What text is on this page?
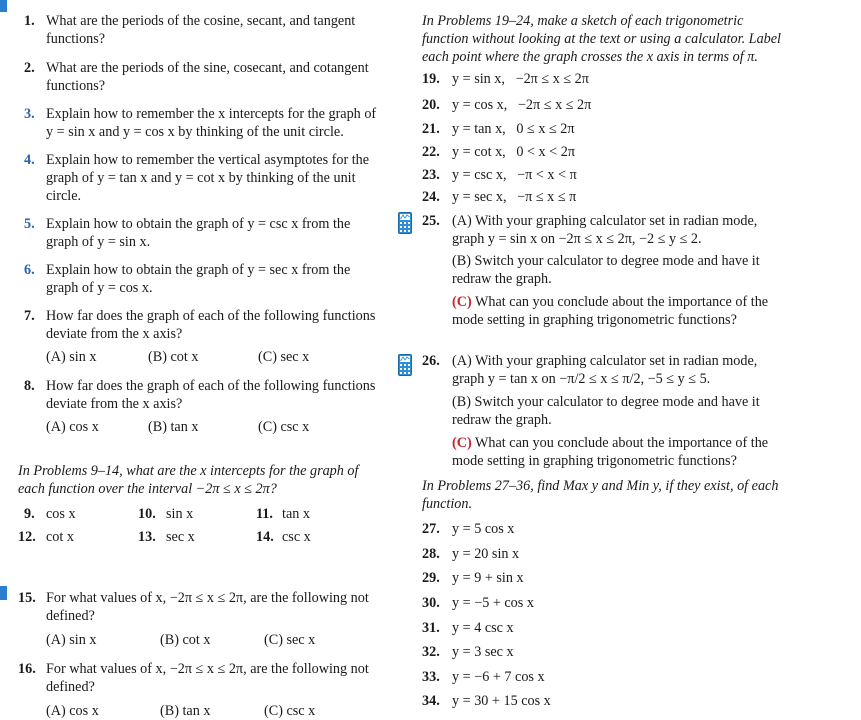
1. What are the periods of the cosine, secant, and tangent functions?
2. What are the periods of the sine, cosecant, and cotangent functions?
3. Explain how to remember the x intercepts for the graph of y = sin x and y = cos x by thinking of the unit circle.
4. Explain how to remember the vertical asymptotes for the graph of y = tan x and y = cot x by thinking of the unit circle.
5. Explain how to obtain the graph of y = csc x from the graph of y = sin x.
6. Explain how to obtain the graph of y = sec x from the graph of y = cos x.
7. How far does the graph of each of the following functions deviate from the x axis?
(A) sin x	(B) cot x	(C) sec x
8. How far does the graph of each of the following functions deviate from the x axis?
(A) cos x	(B) tan x	(C) csc x
In Problems 9–14, what are the x intercepts for the graph of each function over the interval −2π ≤ x ≤ 2π?
9. cos x	10. sin x	11. tan x
12. cot x	13. sec x	14. csc x
15. For what values of x, −2π ≤ x ≤ 2π, are the following not defined?
(A) sin x	(B) cot x	(C) sec x
16. For what values of x, −2π ≤ x ≤ 2π, are the following not defined?
(A) cos x	(B) tan x	(C) csc x
In Problems 19–24, make a sketch of each trigonometric function without looking at the text or using a calculator. Label each point where the graph crosses the x axis in terms of π.
19. y = sin x,   −2π ≤ x ≤ 2π
20. y = cos x,   −2π ≤ x ≤ 2π
21. y = tan x,   0 ≤ x ≤ 2π
22. y = cot x,   0 < x < 2π
23. y = csc x,   −π < x < π
24. y = sec x,   −π ≤ x ≤ π
25. (A) With your graphing calculator set in radian mode, graph y = sin x on −2π ≤ x ≤ 2π, −2 ≤ y ≤ 2.
(B) Switch your calculator to degree mode and have it redraw the graph.
(C) What can you conclude about the importance of the mode setting in graphing trigonometric functions?
26. (A) With your graphing calculator set in radian mode, graph y = tan x on −π/2 ≤ x ≤ π/2, −5 ≤ y ≤ 5.
(B) Switch your calculator to degree mode and have it redraw the graph.
(C) What can you conclude about the importance of the mode setting in graphing trigonometric functions?
In Problems 27–36, find Max y and Min y, if they exist, of each function.
27. y = 5 cos x
28. y = 20 sin x
29. y = 9 + sin x
30. y = −5 + cos x
31. y = 4 csc x
32. y = 3 sec x
33. y = −6 + 7 cos x
34. y = 30 + 15 cos x
